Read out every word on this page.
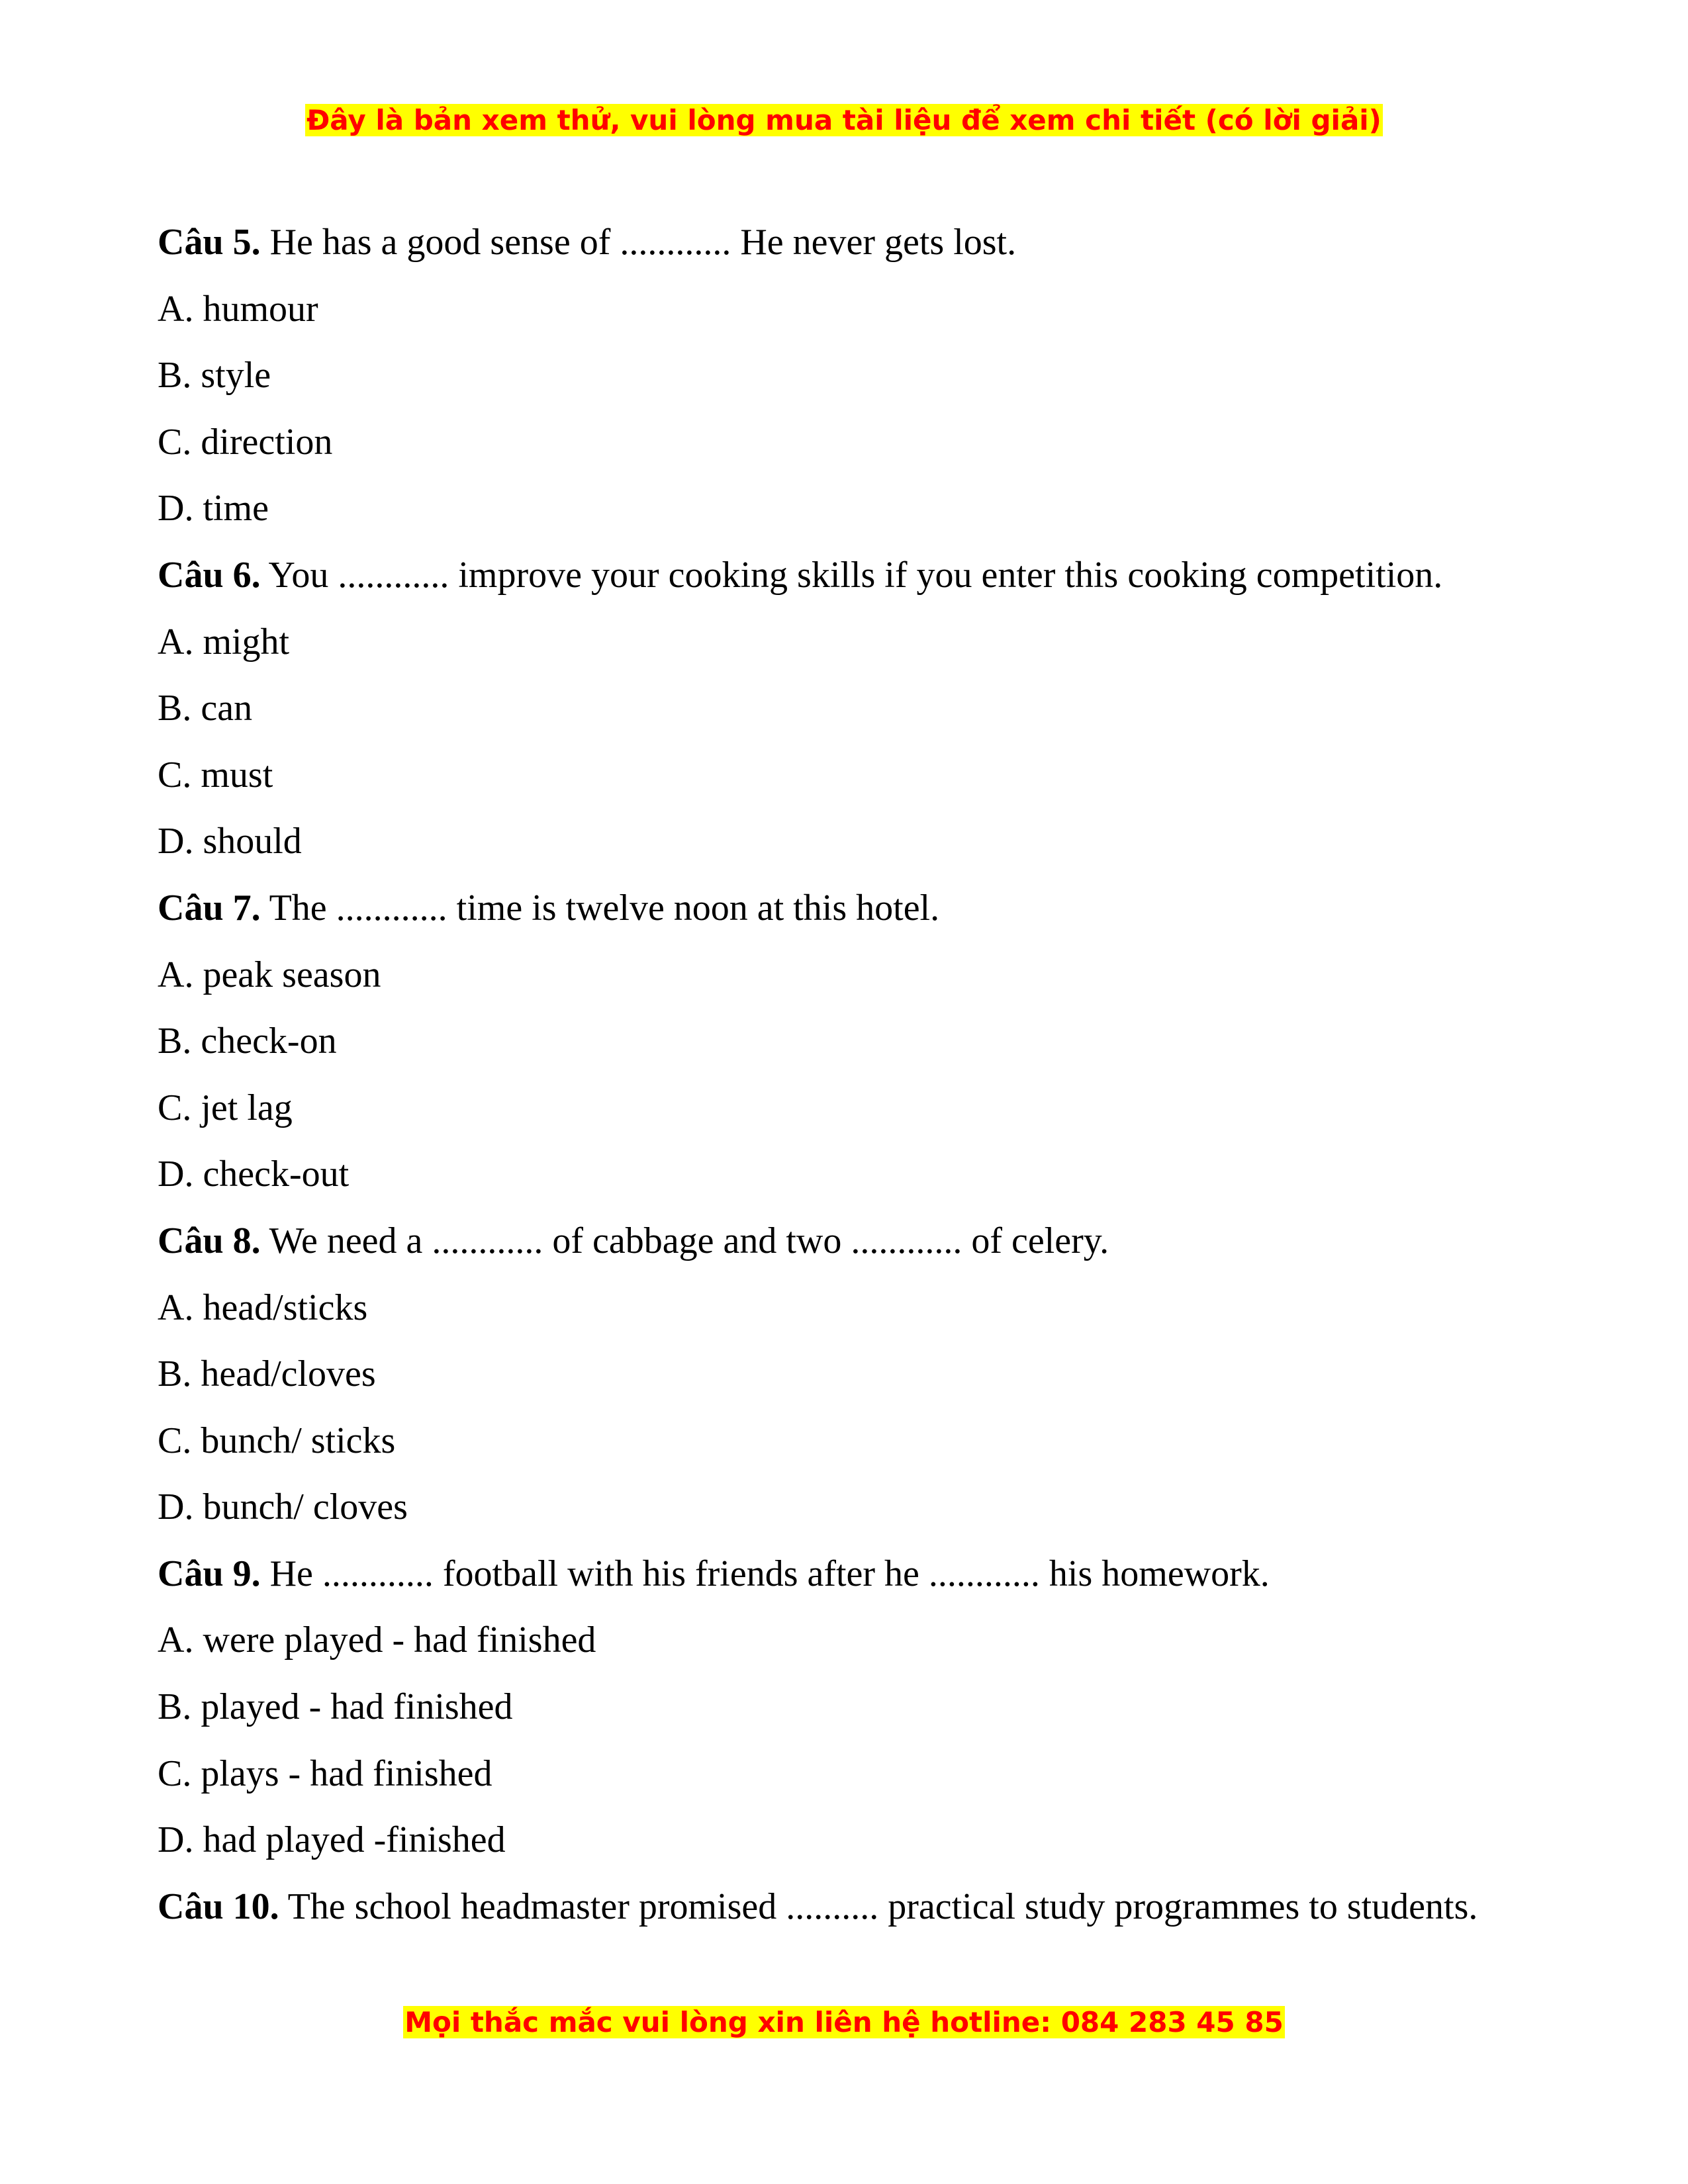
Đây là bản xem thử, vui lòng mua tài liệu để xem chi tiết (có lời giải)
Câu 5. He has a good sense of ............ He never gets lost.
A. humour
B. style
C. direction
D. time
Câu 6. You ............ improve your cooking skills if you enter this cooking competition.
A. might
B. can
C. must
D. should
Câu 7. The ............ time is twelve noon at this hotel.
A. peak season
B. check-on
C. jet lag
D. check-out
Câu 8. We need a ............ of cabbage and two ............ of celery.
A. head/sticks
B. head/cloves
C. bunch/ sticks
D. bunch/ cloves
Câu 9. He ............ football with his friends after he ............ his homework.
A. were played - had finished
B. played - had finished
C. plays - had finished
D. had played -finished
Câu 10. The school headmaster promised .......... practical study programmes to students.
Mọi thắc mắc vui lòng xin liên hệ hotline: 084 283 45 85
